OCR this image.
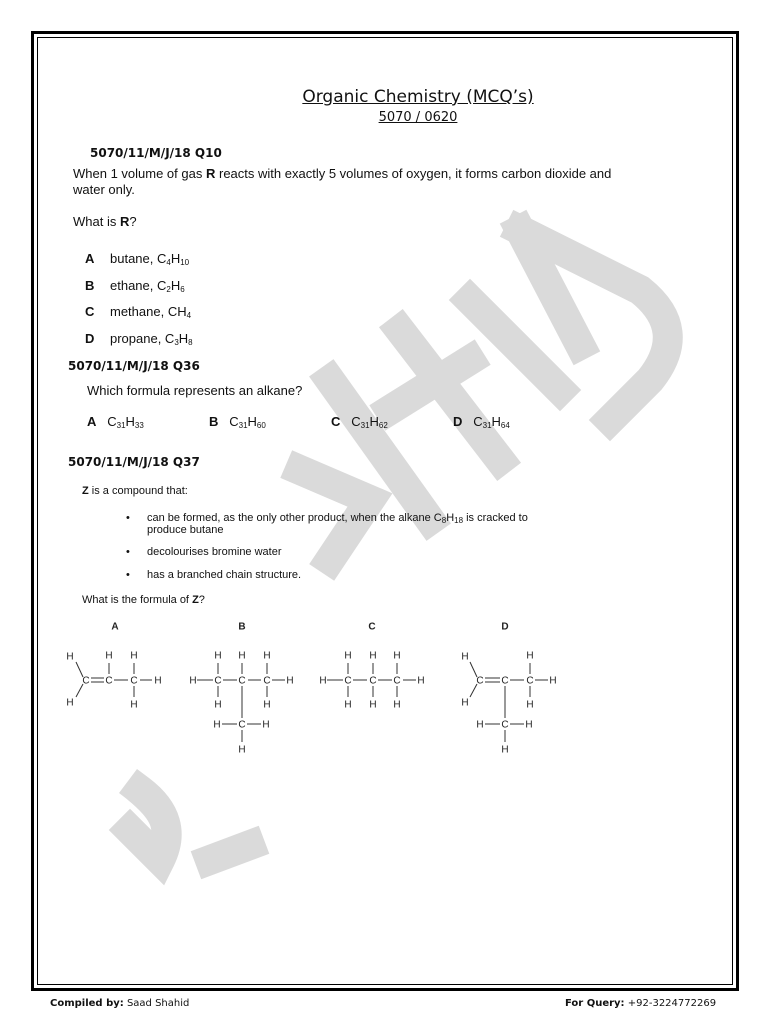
Organic Chemistry (MCQ’s)
5070 / 0620
5070/11/M/J/18 Q10
When 1 volume of gas R reacts with exactly 5 volumes of oxygen, it forms carbon dioxide and
water only.
What is R?
A butane, $C_4H_{10}$
B ethane, $C_2H_6$
C methane, $CH_4$
D propane, $C_3H_8$
5070/11/M/J/18 Q36
Which formula represents an alkane?
A $C_{31}H_{33}$	B $C_{31}H_{60}$	C $C_{31}H_{62}$	D $C_{31}H_{64}$
5070/11/M/J/18 Q37
Z is a compound that:
• can be formed, as the only other product, when the alkane $C_8H_{18}$ is cracked to
produce butane
• decolourises bromine water
• has a branched chain structure.
What is the formula of Z?
A	B	C	D
H
H
C C C H
H H
H
H C C C H
H H H
H	H
H C H
H
H C C C H
H H H
H H H
H
H
C C C H
H
H
H C H
H
Compiled by: Saad Shahid	For Query: +92-3224772269
